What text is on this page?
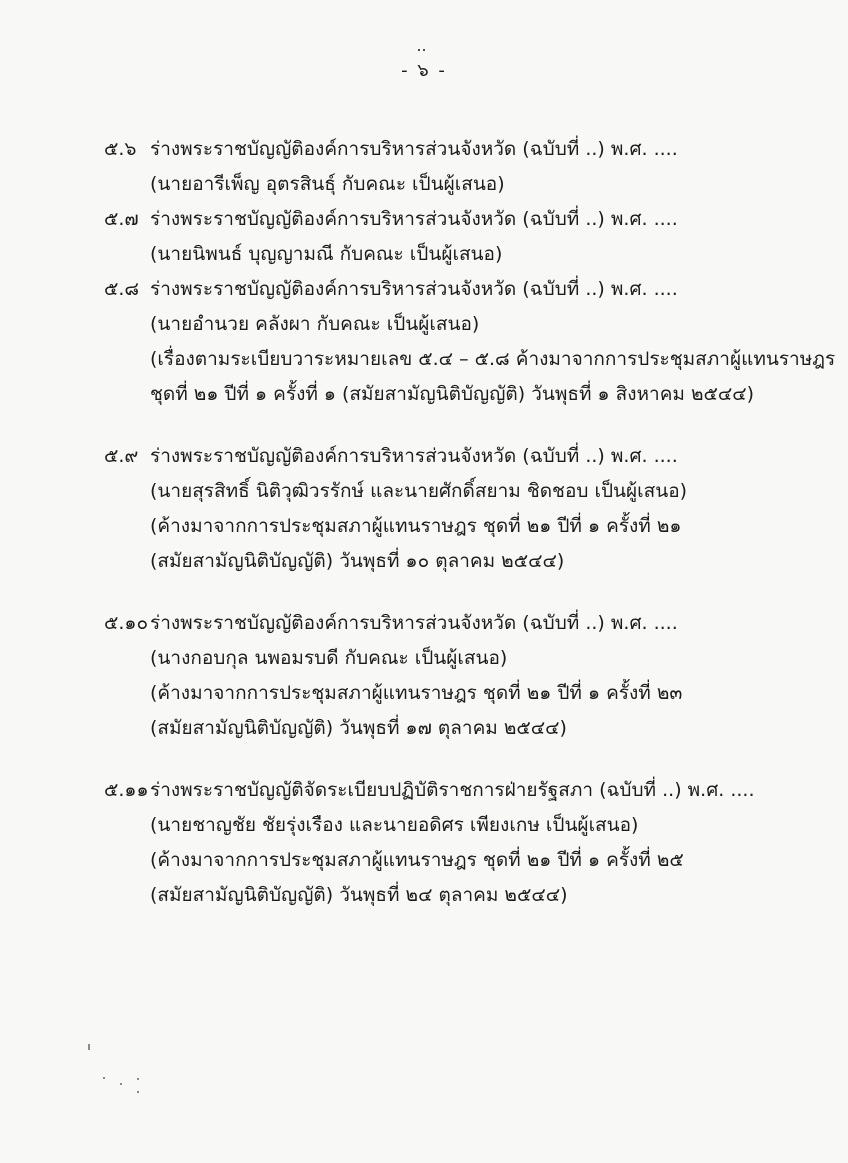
- ๖ -
๕.๖ ร่างพระราชบัญญัติองค์การบริหารส่วนจังหวัด (ฉบับที่ ..) พ.ศ. ....
(นายอารีเพ็ญ อุตรสินธุ์ กับคณะ เป็นผู้เสนอ)
๕.๗ ร่างพระราชบัญญัติองค์การบริหารส่วนจังหวัด (ฉบับที่ ..) พ.ศ. ....
(นายนิพนธ์ บุญญามณี กับคณะ เป็นผู้เสนอ)
๕.๘ ร่างพระราชบัญญัติองค์การบริหารส่วนจังหวัด (ฉบับที่ ..) พ.ศ. ....
(นายอำนวย คลังผา กับคณะ เป็นผู้เสนอ)
(เรื่องตามระเบียบวาระหมายเลข ๕.๔ – ๕.๘ ค้างมาจากการประชุมสภาผู้แทนราษฎร
ชุดที่ ๒๑ ปีที่ ๑ ครั้งที่ ๑ (สมัยสามัญนิติบัญญัติ) วันพุธที่ ๑ สิงหาคม ๒๕๔๔)
๕.๙ ร่างพระราชบัญญัติองค์การบริหารส่วนจังหวัด (ฉบับที่ ..) พ.ศ. ....
(นายสุรสิทธิ์ นิติวุฒิวรรักษ์ และนายศักดิ์สยาม ชิดชอบ เป็นผู้เสนอ)
(ค้างมาจากการประชุมสภาผู้แทนราษฎร ชุดที่ ๒๑ ปีที่ ๑ ครั้งที่ ๒๑
(สมัยสามัญนิติบัญญัติ) วันพุธที่ ๑๐ ตุลาคม ๒๕๔๔)
๕.๑๐ ร่างพระราชบัญญัติองค์การบริหารส่วนจังหวัด (ฉบับที่ ..) พ.ศ. ....
(นางกอบกุล นพอมรบดี กับคณะ เป็นผู้เสนอ)
(ค้างมาจากการประชุมสภาผู้แทนราษฎร ชุดที่ ๒๑ ปีที่ ๑ ครั้งที่ ๒๓
(สมัยสามัญนิติบัญญัติ) วันพุธที่ ๑๗ ตุลาคม ๒๕๔๔)
๕.๑๑ ร่างพระราชบัญญัติจัดระเบียบปฏิบัติราชการฝ่ายรัฐสภา (ฉบับที่ ..) พ.ศ. ....
(นายชาญชัย ชัยรุ่งเรือง และนายอดิศร เพียงเกษ เป็นผู้เสนอ)
(ค้างมาจากการประชุมสภาผู้แทนราษฎร ชุดที่ ๒๑ ปีที่ ๑ ครั้งที่ ๒๕
(สมัยสามัญนิติบัญญัติ) วันพุธที่ ๒๔ ตุลาคม ๒๕๔๔)
